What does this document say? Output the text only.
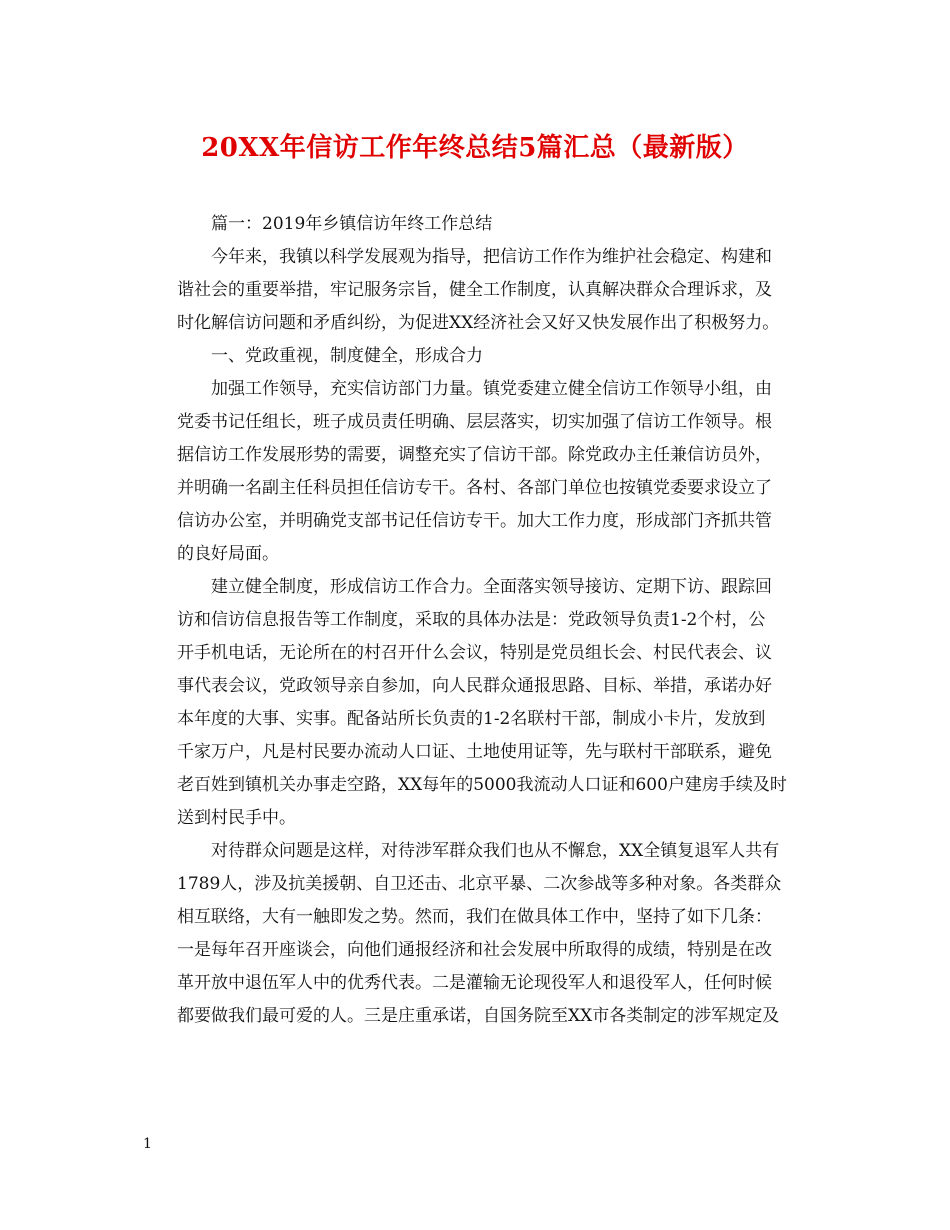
20XX年信访工作年终总结5篇汇总（最新版）

篇一：2019年乡镇信访年终工作总结

今年来，我镇以科学发展观为指导，把信访工作作为维护社会稳定、构建和
谐社会的重要举措，牢记服务宗旨，健全工作制度，认真解决群众合理诉求，及
时化解信访问题和矛盾纠纷，为促进XX经济社会又好又快发展作出了积极努力。

一、党政重视，制度健全，形成合力

加强工作领导，充实信访部门力量。镇党委建立健全信访工作领导小组，由
党委书记任组长，班子成员责任明确、层层落实，切实加强了信访工作领导。根
据信访工作发展形势的需要，调整充实了信访干部。除党政办主任兼信访员外，
并明确一名副主任科员担任信访专干。各村、各部门单位也按镇党委要求设立了
信访办公室，并明确党支部书记任信访专干。加大工作力度，形成部门齐抓共管
的良好局面。

建立健全制度，形成信访工作合力。全面落实领导接访、定期下访、跟踪回
访和信访信息报告等工作制度，采取的具体办法是：党政领导负责1-2个村，公
开手机电话，无论所在的村召开什么会议，特别是党员组长会、村民代表会、议
事代表会议，党政领导亲自参加，向人民群众通报思路、目标、举措，承诺办好
本年度的大事、实事。配备站所长负责的1-2名联村干部，制成小卡片，发放到
千家万户，凡是村民要办流动人口证、土地使用证等，先与联村干部联系，避免
老百姓到镇机关办事走空路，XX每年的5000我流动人口证和600户建房手续及时
送到村民手中。

对待群众问题是这样，对待涉军群众我们也从不懈怠，XX全镇复退军人共有
1789人，涉及抗美援朝、自卫还击、北京平暴、二次参战等多种对象。各类群众
相互联络，大有一触即发之势。然而，我们在做具体工作中，坚持了如下几条：
一是每年召开座谈会，向他们通报经济和社会发展中所取得的成绩，特别是在改
革开放中退伍军人中的优秀代表。二是灌输无论现役军人和退役军人，任何时候
都要做我们最可爱的人。三是庄重承诺，自国务院至XX市各类制定的涉军规定及

1
